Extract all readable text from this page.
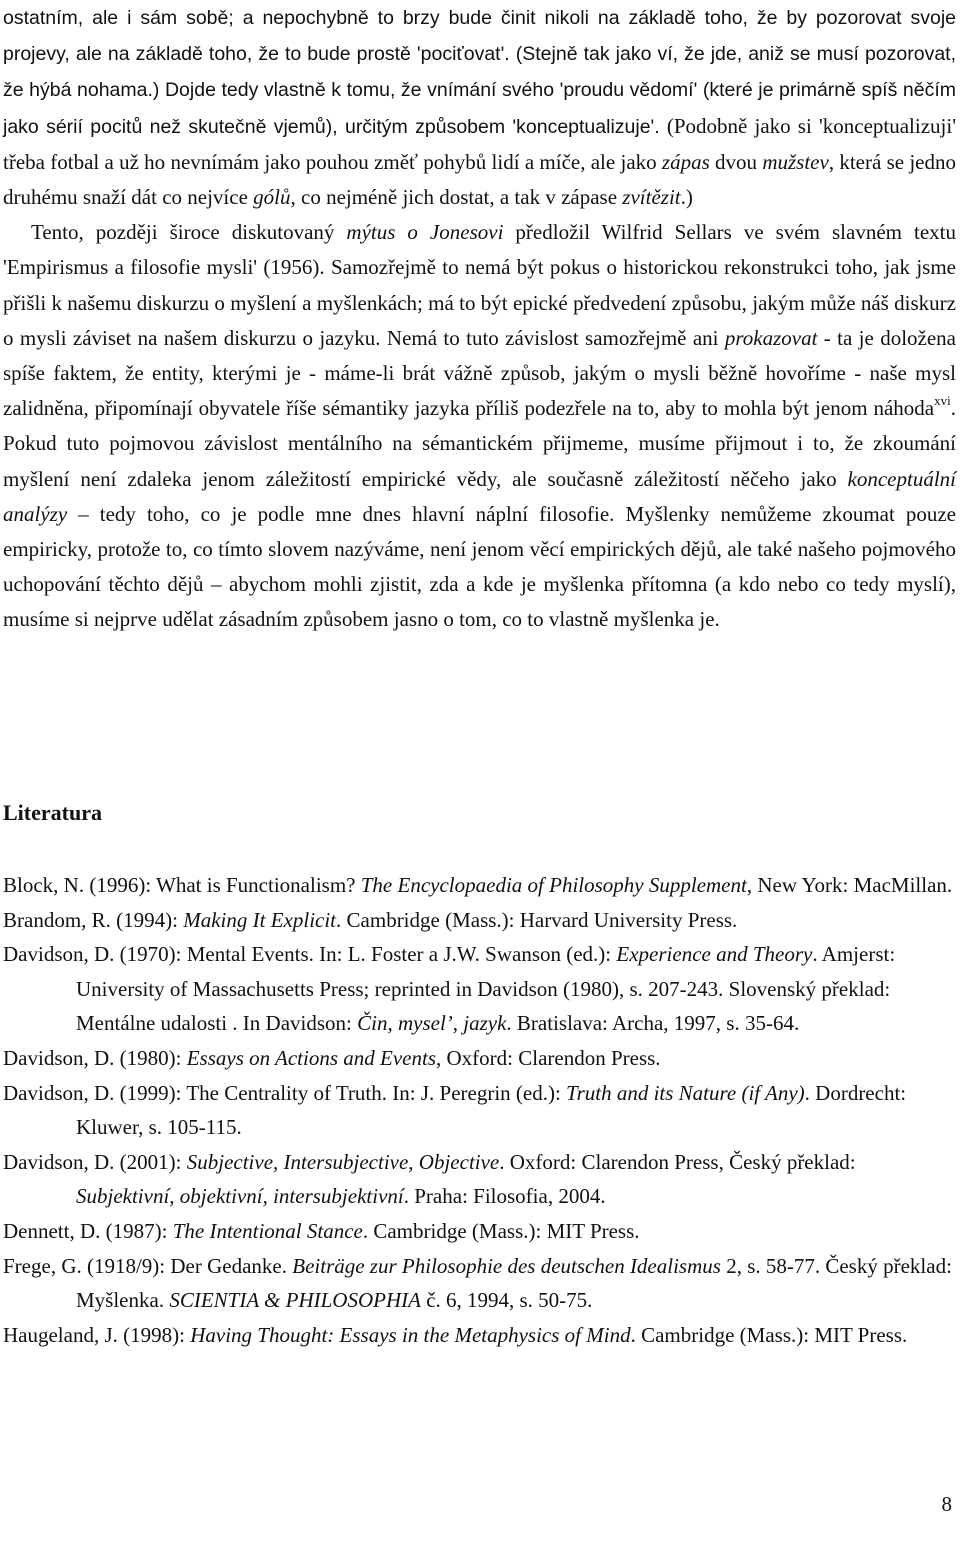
ostatním, ale i sám sobě; a nepochybně to brzy bude činit nikoli na základě toho, že by pozorovat svoje projevy, ale na základě toho, že to bude prostě 'pociťovat'. (Stejně tak jako ví, že jde, aniž se musí pozorovat, že hýbá nohama.) Dojde tedy vlastně k tomu, že vnímání svého 'proudu vědomí' (které je primárně spíš něčím jako sérií pocitů než skutečně vjemů), určitým způsobem 'konceptualizuje'. (Podobně jako si 'konceptualizuji' třeba fotbal a už ho nevnímám jako pouhou změť pohybů lidí a míče, ale jako zápas dvou mužstev, která se jedno druhému snaží dát co nejvíce gólů, co nejméně jich dostat, a tak v zápase zvítězit.)

Tento, později široce diskutovaný mýtus o Jonesovi předložil Wilfrid Sellars ve svém slavném textu 'Empirismus a filosofie mysli' (1956). Samozřejmě to nemá být pokus o historickou rekonstrukci toho, jak jsme přišli k našemu diskurzu o myšlení a myšlenkách; má to být epické předvedení způsobu, jakým může náš diskurz o mysli záviset na našem diskurzu o jazyku. Nemá to tuto závislost samozřejmě ani prokazovat - ta je doložena spíše faktem, že entity, kterými je - máme-li brát vážně způsob, jakým o mysli běžně hovoříme - naše mysl zalidněna, připomínají obyvatele říše sémantiky jazyka příliš podezřele na to, aby to mohla být jenom náhoda$^{xvi}$. Pokud tuto pojmovou závislost mentálního na sémantickém přijmeme, musíme přijmout i to, že zkoumání myšlení není zdaleka jenom záležitostí empirické vědy, ale současně záležitostí něčeho jako konceptuální analýzy – tedy toho, co je podle mne dnes hlavní náplní filosofie. Myšlenky nemůžeme zkoumat pouze empiricky, protože to, co tímto slovem nazýváme, není jenom věcí empirických dějů, ale také našeho pojmového uchopování těchto dějů – abychom mohli zjistit, zda a kde je myšlenka přítomna (a kdo nebo co tedy myslí), musíme si nejprve udělat zásadním způsobem jasno o tom, co to vlastně myšlenka je.

Literatura

Block, N. (1996): What is Functionalism? The Encyclopaedia of Philosophy Supplement, New York: MacMillan.

Brandom, R. (1994): Making It Explicit. Cambridge (Mass.): Harvard University Press.

Davidson, D. (1970): Mental Events. In: L. Foster a J.W. Swanson (ed.): Experience and Theory. Amjerst: University of Massachusetts Press; reprinted in Davidson (1980), s. 207-243. Slovenský překlad: Mentálne udalosti . In Davidson: Čin, mysel’, jazyk. Bratislava: Archa, 1997, s. 35-64.

Davidson, D. (1980): Essays on Actions and Events, Oxford: Clarendon Press.

Davidson, D. (1999): The Centrality of Truth. In: J. Peregrin (ed.): Truth and its Nature (if Any). Dordrecht: Kluwer, s. 105-115.

Davidson, D. (2001): Subjective, Intersubjective, Objective. Oxford: Clarendon Press, Český překlad: Subjektivní, objektivní, intersubjektivní. Praha: Filosofia, 2004.

Dennett, D. (1987): The Intentional Stance. Cambridge (Mass.): MIT Press.

Frege, G. (1918/9): Der Gedanke. Beiträge zur Philosophie des deutschen Idealismus 2, s. 58-77. Český překlad: Myšlenka. SCIENTIA & PHILOSOPHIA č. 6, 1994, s. 50-75.

Haugeland, J. (1998): Having Thought: Essays in the Metaphysics of Mind. Cambridge (Mass.): MIT Press.

8
